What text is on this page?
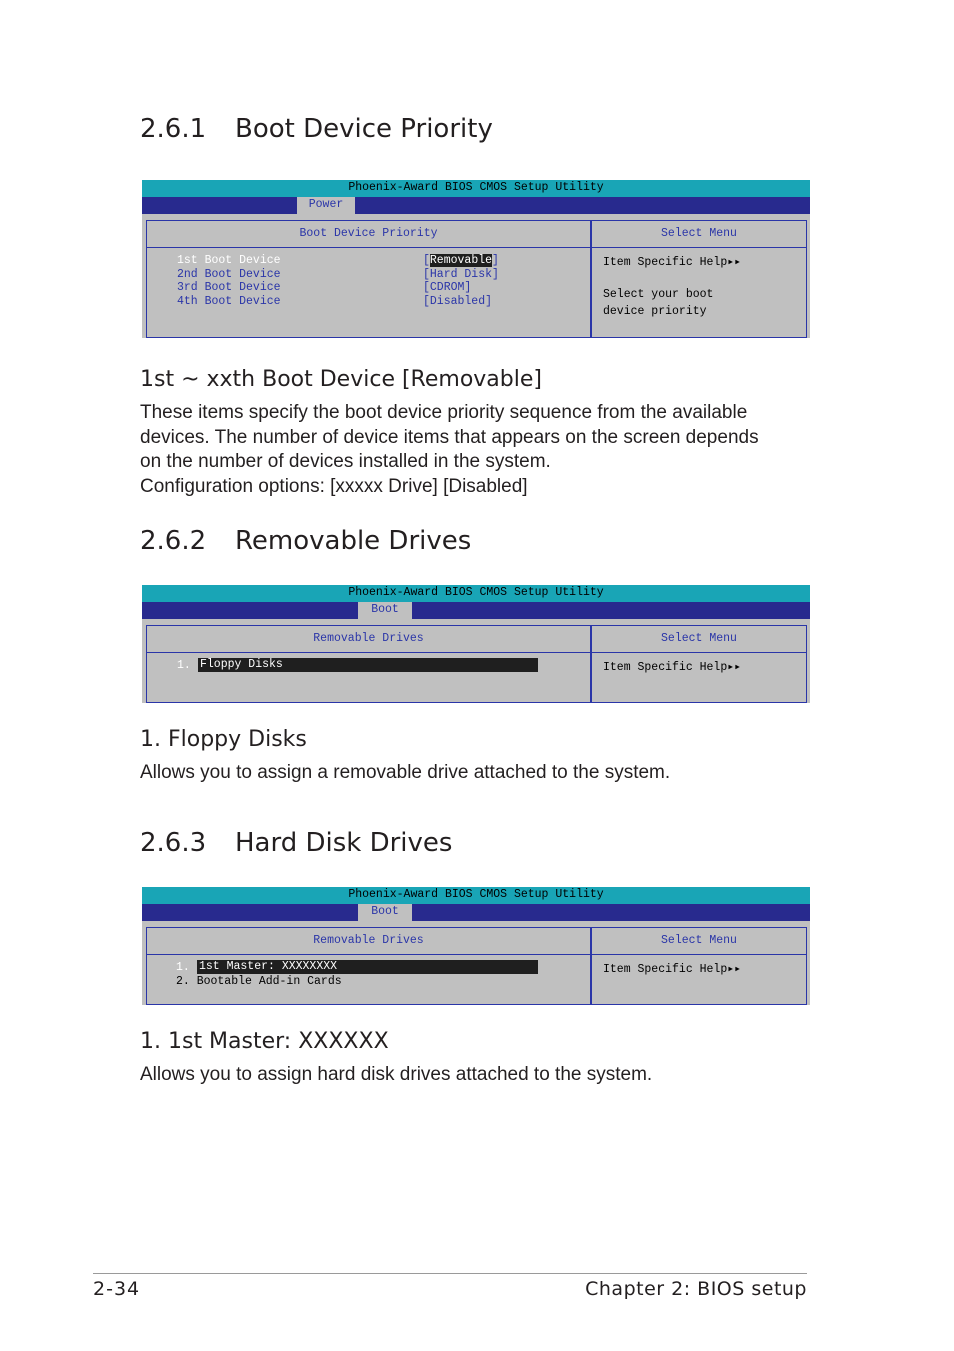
2.6.1 Boot Device Priority
Phoenix-Award BIOS CMOS Setup Utility
Power
Boot Device Priority	Select Menu
1st Boot Device	[Removable]
2nd Boot Device	[Hard Disk]
3rd Boot Device	[CDROM]
4th Boot Device	[Disabled]
Item Specific Help▸▸
Select your boot
device priority
1st ~ xxth Boot Device [Removable]
These items specify the boot device priority sequence from the available
devices. The number of device items that appears on the screen depends
on the number of devices installed in the system.
Configuration options: [xxxxx Drive] [Disabled]
2.6.2 Removable Drives
Phoenix-Award BIOS CMOS Setup Utility
Boot
Removable Drives	Select Menu
1. Floppy Disks	Item Specific Help▸▸
1. Floppy Disks
Allows you to assign a removable drive attached to the system.
2.6.3 Hard Disk Drives
Phoenix-Award BIOS CMOS Setup Utility
Boot
Removable Drives	Select Menu
1. 1st Master: XXXXXXXX
2. Bootable Add-in Cards
Item Specific Help▸▸
1. 1st Master: XXXXXX
Allows you to assign hard disk drives attached to the system.
2-34	Chapter 2: BIOS setup
